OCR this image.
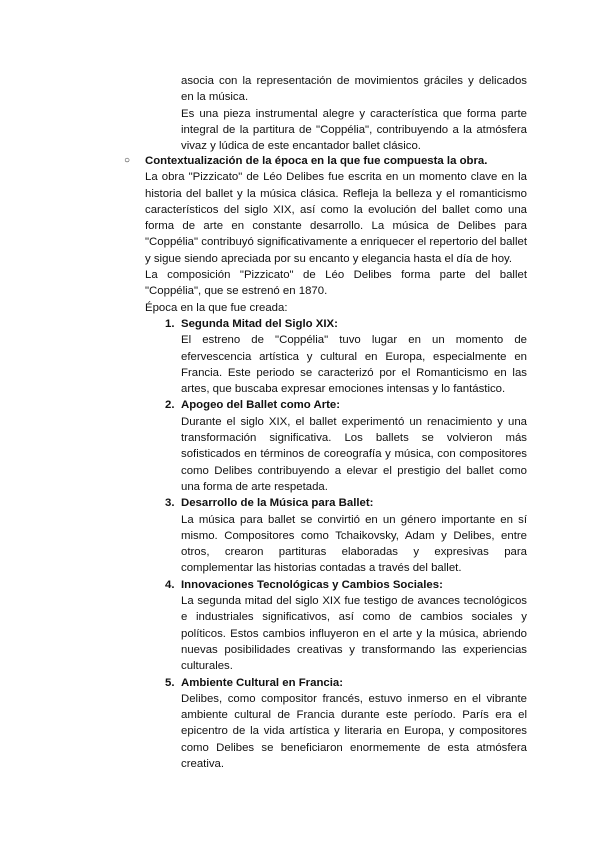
asocia con la representación de movimientos gráciles y delicados en la música.

Es una pieza instrumental alegre y característica que forma parte integral de la partitura de "Coppélia", contribuyendo a la atmósfera vivaz y lúdica de este encantador ballet clásico.

○ Contextualización de la época en la que fue compuesta la obra.

La obra "Pizzicato" de Léo Delibes fue escrita en un momento clave en la historia del ballet y la música clásica. Refleja la belleza y el romanticismo característicos del siglo XIX, así como la evolución del ballet como una forma de arte en constante desarrollo. La música de Delibes para "Coppélia" contribuyó significativamente a enriquecer el repertorio del ballet y sigue siendo apreciada por su encanto y elegancia hasta el día de hoy.

La composición "Pizzicato" de Léo Delibes forma parte del ballet "Coppélia", que se estrenó en 1870.

Época en la que fue creada:

1. Segunda Mitad del Siglo XIX:

El estreno de "Coppélia" tuvo lugar en un momento de efervescencia artística y cultural en Europa, especialmente en Francia. Este periodo se caracterizó por el Romanticismo en las artes, que buscaba expresar emociones intensas y lo fantástico.

2. Apogeo del Ballet como Arte:

Durante el siglo XIX, el ballet experimentó un renacimiento y una transformación significativa. Los ballets se volvieron más sofisticados en términos de coreografía y música, con compositores como Delibes contribuyendo a elevar el prestigio del ballet como una forma de arte respetada.

3. Desarrollo de la Música para Ballet:

La música para ballet se convirtió en un género importante en sí mismo. Compositores como Tchaikovsky, Adam y Delibes, entre otros, crearon partituras elaboradas y expresivas para complementar las historias contadas a través del ballet.

4. Innovaciones Tecnológicas y Cambios Sociales:

La segunda mitad del siglo XIX fue testigo de avances tecnológicos e industriales significativos, así como de cambios sociales y políticos. Estos cambios influyeron en el arte y la música, abriendo nuevas posibilidades creativas y transformando las experiencias culturales.

5. Ambiente Cultural en Francia:

Delibes, como compositor francés, estuvo inmerso en el vibrante ambiente cultural de Francia durante este período. París era el epicentro de la vida artística y literaria en Europa, y compositores como Delibes se beneficiaron enormemente de esta atmósfera creativa.
